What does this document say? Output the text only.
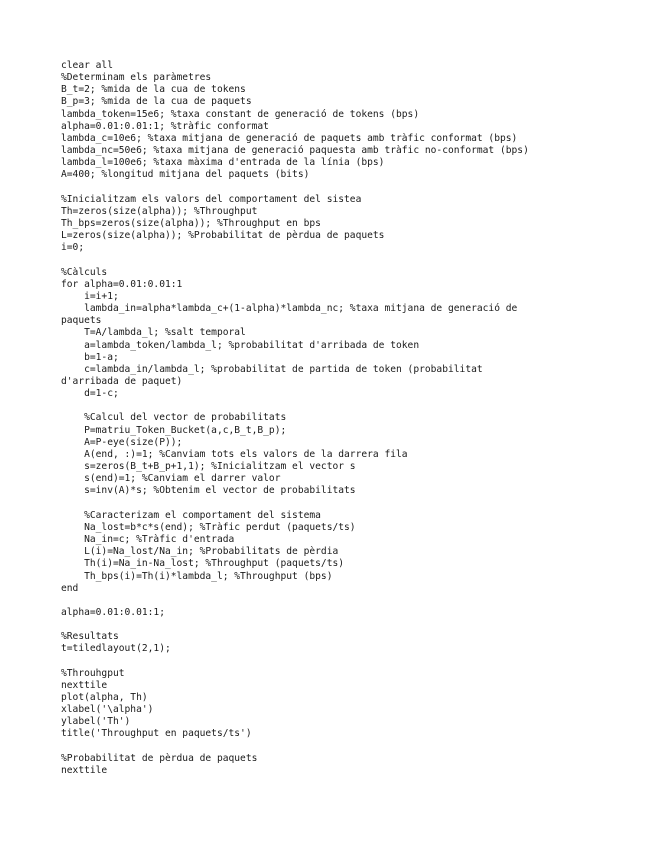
clear all
%Determinam els paràmetres
B_t=2; %mida de la cua de tokens
B_p=3; %mida de la cua de paquets
lambda_token=15e6; %taxa constant de generació de tokens (bps)
alpha=0.01:0.01:1; %tràfic conformat
lambda_c=10e6; %taxa mitjana de generació de paquets amb tràfic conformat (bps)
lambda_nc=50e6; %taxa mitjana de generació paquesta amb tràfic no-conformat (bps)
lambda_l=100e6; %taxa màxima d'entrada de la línia (bps)
A=400; %longitud mitjana del paquets (bits)
%Inicialitzam els valors del comportament del sistea
Th=zeros(size(alpha)); %Throughput
Th_bps=zeros(size(alpha)); %Throughput en bps
L=zeros(size(alpha)); %Probabilitat de pèrdua de paquets
i=0;
%Càlculs
for alpha=0.01:0.01:1
i=i+1;
lambda_in=alpha*lambda_c+(1-alpha)*lambda_nc; %taxa mitjana de generació de
paquets
T=A/lambda_l; %salt temporal
a=lambda_token/lambda_l; %probabilitat d'arribada de token
b=1-a;
c=lambda_in/lambda_l; %probabilitat de partida de token (probabilitat
d'arribada de paquet)
d=1-c;
%Calcul del vector de probabilitats
P=matriu_Token_Bucket(a,c,B_t,B_p);
A=P-eye(size(P));
A(end, :)=1; %Canviam tots els valors de la darrera fila
s=zeros(B_t+B_p+1,1); %Inicialitzam el vector s
s(end)=1; %Canviam el darrer valor
s=inv(A)*s; %Obtenim el vector de probabilitats
%Caracterizam el comportament del sistema
Na_lost=b*c*s(end); %Tràfic perdut (paquets/ts)
Na_in=c; %Tràfic d'entrada
L(i)=Na_lost/Na_in; %Probabilitats de pèrdia
Th(i)=Na_in-Na_lost; %Throughput (paquets/ts)
Th_bps(i)=Th(i)*lambda_l; %Throughput (bps)
end
alpha=0.01:0.01:1;
%Resultats
t=tiledlayout(2,1);
%Throuhgput
nexttile
plot(alpha, Th)
xlabel('\alpha')
ylabel('Th')
title('Throughput en paquets/ts')
%Probabilitat de pèrdua de paquets
nexttile
